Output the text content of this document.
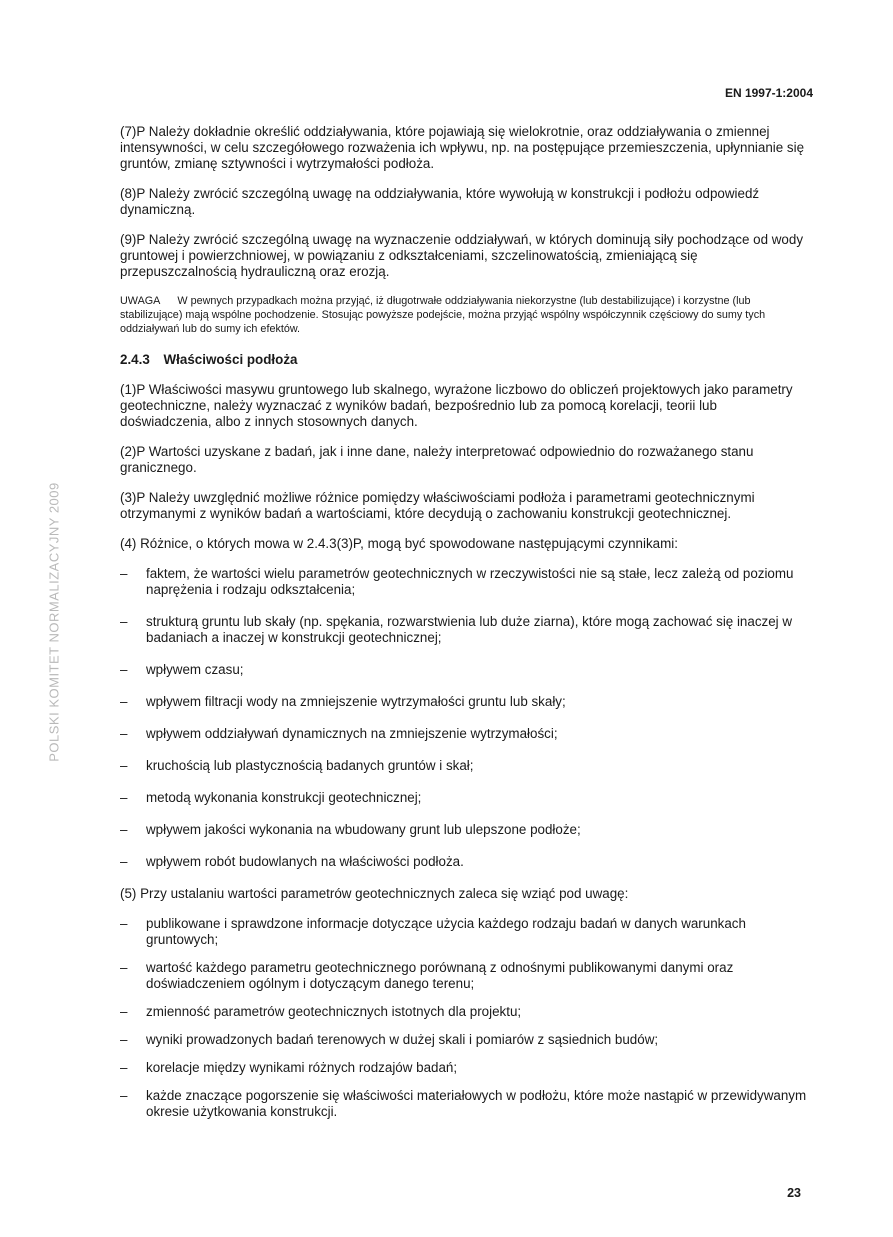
EN 1997-1:2004
POLSKI KOMITET NORMALIZACYJNY 2009

(7)P Należy dokładnie określić oddziaływania, które pojawiają się wielokrotnie, oraz oddziaływania o zmiennej intensywności, w celu szczegółowego rozważenia ich wpływu, np. na postępujące przemieszczenia, upłynnianie się gruntów, zmianę sztywności i wytrzymałości podłoża.

(8)P Należy zwrócić szczególną uwagę na oddziaływania, które wywołują w konstrukcji i podłożu odpowiedź dynamiczną.

(9)P Należy zwrócić szczególną uwagę na wyznaczenie oddziaływań, w których dominują siły pochodzące od wody gruntowej i powierzchniowej, w powiązaniu z odkształceniami, szczelinowatością, zmieniającą się przepuszczalnością hydrauliczną oraz erozją.

UWAGA W pewnych przypadkach można przyjąć, iż długotrwałe oddziaływania niekorzystne (lub destabilizujące) i korzystne (lub stabilizujące) mają wspólne pochodzenie. Stosując powyższe podejście, można przyjąć wspólny współczynnik częściowy do sumy tych oddziaływań lub do sumy ich efektów.

2.4.3 Właściwości podłoża

(1)P Właściwości masywu gruntowego lub skalnego, wyrażone liczbowo do obliczeń projektowych jako parametry geotechniczne, należy wyznaczać z wyników badań, bezpośrednio lub za pomocą korelacji, teorii lub doświadczenia, albo z innych stosownych danych.

(2)P Wartości uzyskane z badań, jak i inne dane, należy interpretować odpowiednio do rozważanego stanu granicznego.

(3)P Należy uwzględnić możliwe różnice pomiędzy właściwościami podłoża i parametrami geotechnicznymi otrzymanymi z wyników badań a wartościami, które decydują o zachowaniu konstrukcji geotechnicznej.

(4) Różnice, o których mowa w 2.4.3(3)P, mogą być spowodowane następującymi czynnikami:

– faktem, że wartości wielu parametrów geotechnicznych w rzeczywistości nie są stałe, lecz zależą od poziomu naprężenia i rodzaju odkształcenia;
– strukturą gruntu lub skały (np. spękania, rozwarstwienia lub duże ziarna), które mogą zachować się inaczej w badaniach a inaczej w konstrukcji geotechnicznej;
– wpływem czasu;
– wpływem filtracji wody na zmniejszenie wytrzymałości gruntu lub skały;
– wpływem oddziaływań dynamicznych na zmniejszenie wytrzymałości;
– kruchością lub plastycznością badanych gruntów i skał;
– metodą wykonania konstrukcji geotechnicznej;
– wpływem jakości wykonania na wbudowany grunt lub ulepszone podłoże;
– wpływem robót budowlanych na właściwości podłoża.

(5) Przy ustalaniu wartości parametrów geotechnicznych zaleca się wziąć pod uwagę:

– publikowane i sprawdzone informacje dotyczące użycia każdego rodzaju badań w danych warunkach gruntowych;
– wartość każdego parametru geotechnicznego porównaną z odnośnymi publikowanymi danymi oraz doświadczeniem ogólnym i dotyczącym danego terenu;
– zmienność parametrów geotechnicznych istotnych dla projektu;
– wyniki prowadzonych badań terenowych w dużej skali i pomiarów z sąsiednich budów;
– korelacje między wynikami różnych rodzajów badań;
– każde znaczące pogorszenie się właściwości materiałowych w podłożu, które może nastąpić w przewidywanym okresie użytkowania konstrukcji.
23
